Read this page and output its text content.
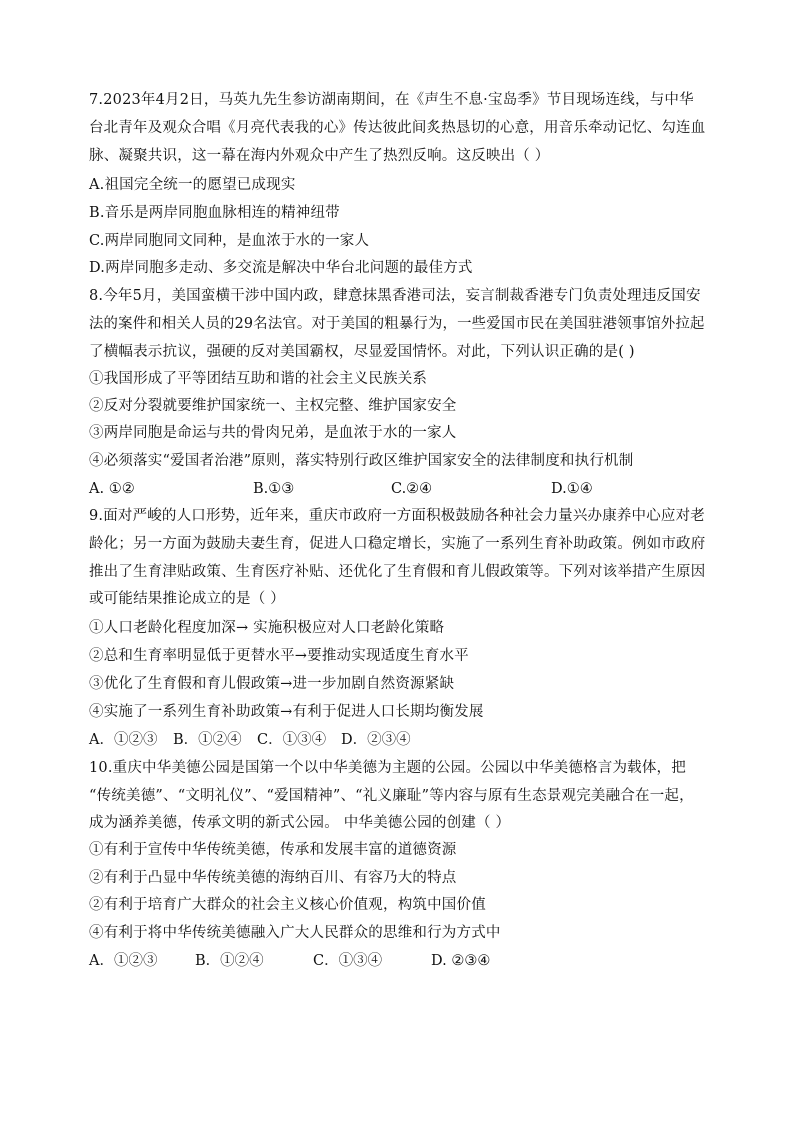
7.2023年4月2日，马英九先生参访湖南期间，在《声生不息·宝岛季》节目现场连线，与中华
台北青年及观众合唱《月亮代表我的心》传达彼此间炙热恳切的心意，用音乐牵动记忆、勾连血
脉、凝聚共识，这一幕在海内外观众中产生了热烈反响。这反映出（ ）
A.祖国完全统一的愿望已成现实
B.音乐是两岸同胞血脉相连的精神纽带
C.两岸同胞同文同种，是血浓于水的一家人
D.两岸同胞多走动、多交流是解决中华台北问题的最佳方式
8.今年5月，美国蛮横干涉中国内政，肆意抹黑香港司法，妄言制裁香港专门负责处理违反国安
法的案件和相关人员的29名法官。对于美国的粗暴行为，一些爱国市民在美国驻港领事馆外拉起
了横幅表示抗议，强硬的反对美国霸权，尽显爱国情怀。对此，下列认识正确的是( )
①我国形成了平等团结互助和谐的社会主义民族关系
②反对分裂就要维护国家统一、主权完整、维护国家安全
③两岸同胞是命运与共的骨肉兄弟，是血浓于水的一家人
④必须落实“爱国者治港”原则，落实特别行政区维护国家安全的法律制度和执行机制
A. ①②	B.①③	C.②④	D.①④
9.面对严峻的人口形势，近年来，重庆市政府一方面积极鼓励各种社会力量兴办康养中心应对老
龄化；另一方面为鼓励夫妻生育，促进人口稳定增长，实施了一系列生育补助政策。例如市政府
推出了生育津贴政策、生育医疗补贴、还优化了生育假和育儿假政策等。下列对该举措产生原因
或可能结果推论成立的是（ ）
①人口老龄化程度加深→ 实施积极应对人口老龄化策略
②总和生育率明显低于更替水平→要推动实现适度生育水平
③优化了生育假和育儿假政策→进一步加剧自然资源紧缺
④实施了一系列生育补助政策→有利于促进人口长期均衡发展
A．①②③ B．①②④ C．①③④ D．②③④
10.重庆中华美德公园是国第一个以中华美德为主题的公园。公园以中华美德格言为载体，把
“传统美德”、“文明礼仪”、“爱国精神”、“礼义廉耻”等内容与原有生态景观完美融合在一起，
成为涵养美德，传承文明的新式公园。 中华美德公园的创建（ ）
①有利于宣传中华传统美德，传承和发展丰富的道德资源
②有利于凸显中华传统美德的海纳百川、有容乃大的特点
②有利于培育广大群众的社会主义核心价值观，构筑中国价值
④有利于将中华传统美德融入广大人民群众的思维和行为方式中
A．①②③	B．①②④	C．①③④	D. ②③④
